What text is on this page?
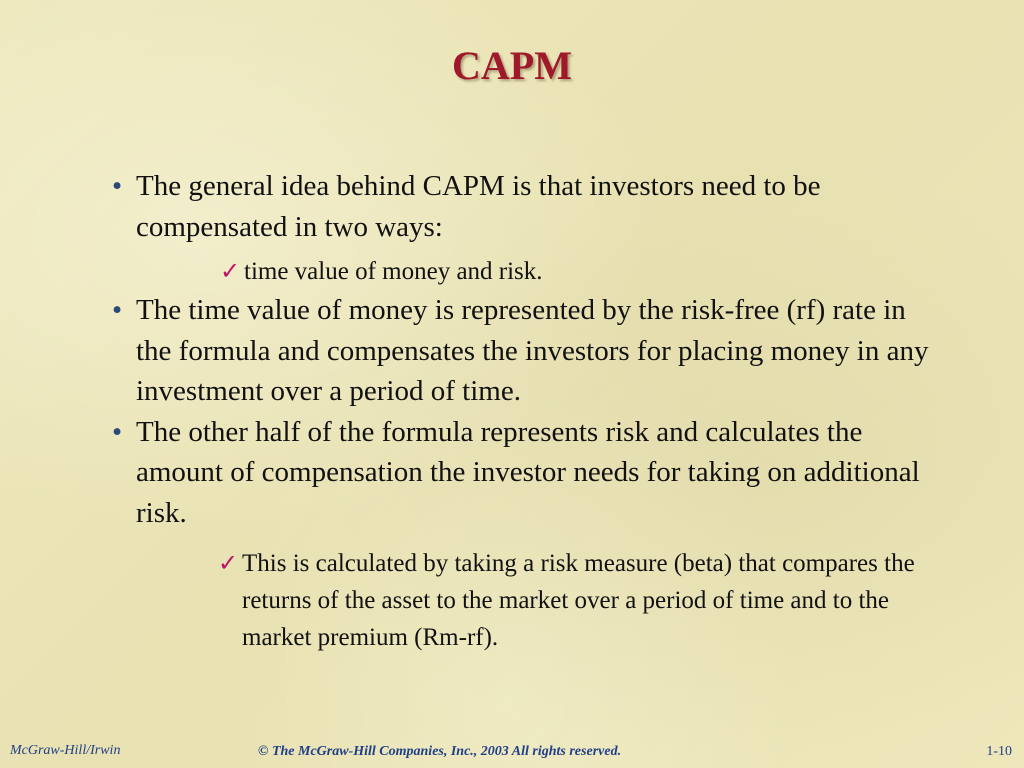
CAPM
• The general idea behind CAPM is that investors need to be compensated in two ways:
✓ time value of money and risk.
• The time value of money is represented by the risk-free (rf) rate in the formula and compensates the investors for placing money in any investment over a period of time.
• The other half of the formula represents risk and calculates the amount of compensation the investor needs for taking on additional risk.
✓ This is calculated by taking a risk measure (beta) that compares the returns of the asset to the market over a period of time and to the market premium (Rm-rf).
McGraw-Hill/Irwin	© The McGraw-Hill Companies, Inc., 2003 All rights reserved.	1-10
